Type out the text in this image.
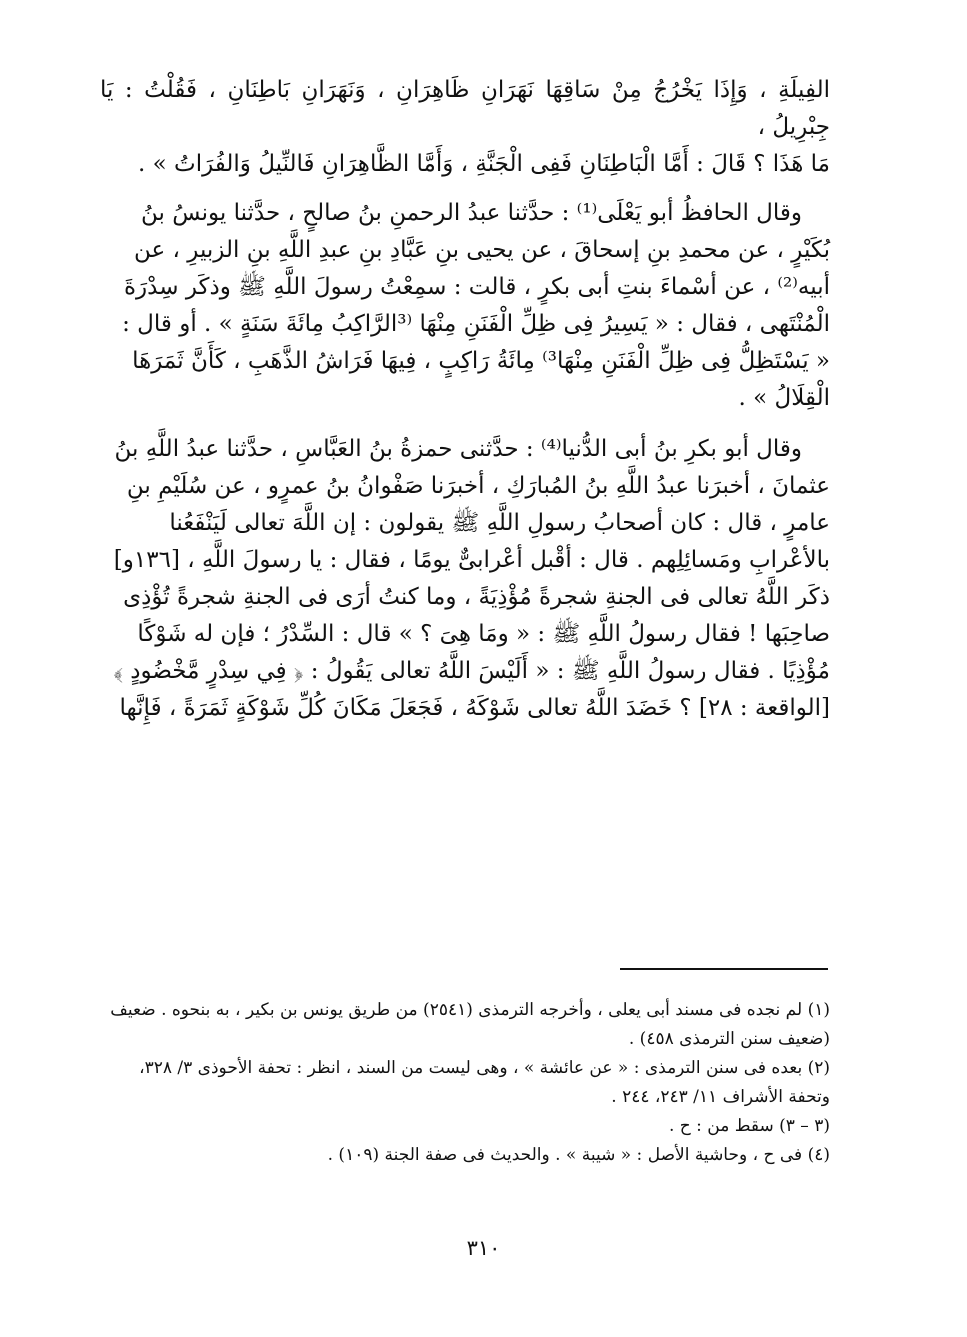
الفِيلَةِ ، وَإِذَا يَخْرُجُ مِنْ سَاقِهَا نَهَرَانِ ظَاهِرَانِ ، وَنَهَرَانِ بَاطِنَانِ ، فَقُلْتُ : يَا جِبْرِيلُ ،
مَا هَذَا ؟ قَالَ : أَمَّا الْبَاطِنَانِ فَفِى الْجَنَّةِ ، وَأَمَّا الظَّاهِرَانِ فَالنِّيلُ وَالفُرَاتُ » .

وقال الحافظُ أبو يَعْلَى⁽¹⁾ : حدَّثنا عبدُ الرحمنِ بنُ صالحٍ ، حدَّثنا يونسُ بنُ
بُكَيْرٍ ، عن محمدِ بنِ إسحاقَ ، عن يحيى بنِ عَبَّادِ بنِ عبدِ اللَّهِ بنِ الزبيرِ ، عن
أبيه⁽²⁾ ، عن أسْماءَ بنتِ أبى بكرٍ ، قالت : سمِعْتُ رسولَ اللَّهِ ﷺ وذكَر سِدْرَةَ
الْمُنْتَهى ، فقال : « يَسِيرُ فِى ظِلِّ الْفَنَنِ مِنْهَا ⁽³الرَّاكِبُ مِائَةَ سَنَةٍ » . أو قال :
« يَسْتَظِلُّ فِى ظِلِّ الْفَنَنِ مِنْهَا³⁾ مِائَةُ رَاكِبٍ ، فِيهَا فَرَاشُ الذَّهَبِ ، كَأَنَّ ثَمَرَهَا
الْقِلَالُ » .

وقال أبو بكرِ بنُ أبى الدُّنيا⁽⁴⁾ : حدَّثنى حمزةُ بنُ العَبَّاسِ ، حدَّثنا عبدُ اللَّهِ بنُ
عثمانَ ، أخبرَنا عبدُ اللَّهِ بنُ المُبارَكِ ، أخبرَنا صَفْوانُ بنُ عمرٍو ، عن سُلَيْمِ بنِ
عامرٍ ، قال : كان أصحابُ رسولِ اللَّهِ ﷺ يقولون : إن اللَّهَ تعالى لَيَنْفَعُنا
بالأعْرابِ ومَسائِلِهم . قال : أقْبل أعْرابىٌّ يومًا ، فقال : يا رسولَ اللَّهِ ، [١٣٦و]
ذكَر اللَّهُ تعالى فى الجنةِ شجرةً مُؤْذِيَةً ، وما كنتُ أرَى فى الجنةِ شجرةً تُؤْذِى
صاحِبَها ! فقال رسولُ اللَّهِ ﷺ : « ومَا هِىَ ؟ » قال : السِّدْرُ ؛ فإن له شَوْكًا
مُؤْذِيًا . فقال رسولُ اللَّهِ ﷺ : « أَلَيْسَ اللَّهُ تعالى يَقُولُ : ﴿ فِي سِدْرٍ مَّخْضُودٍ ﴾
[الواقعة : ٢٨] ؟ خَضَدَ اللَّهُ تعالى شَوْكَهُ ، فَجَعَلَ مَكَانَ كُلِّ شَوْكَةٍ ثَمَرَةً ، فَإِنَّها

(١) لم نجده فى مسند أبى يعلى ، وأخرجه الترمذى (٢٥٤١) من طريق يونس بن بكير ، به بنحوه . ضعيف (ضعيف سنن الترمذى ٤٥٨) .

(٢) بعده فى سنن الترمذى : « عن عائشة » ، وهى ليست من السند ، انظر : تحفة الأحوذى ٣/ ٣٢٨، وتحفة الأشراف ١١/ ٢٤٣، ٢٤٤ .

(٣ – ٣) سقط من : ح .

(٤) فى ح ، وحاشية الأصل : « شيبة » . والحديث فى صفة الجنة (١٠٩) .

٣١٠
